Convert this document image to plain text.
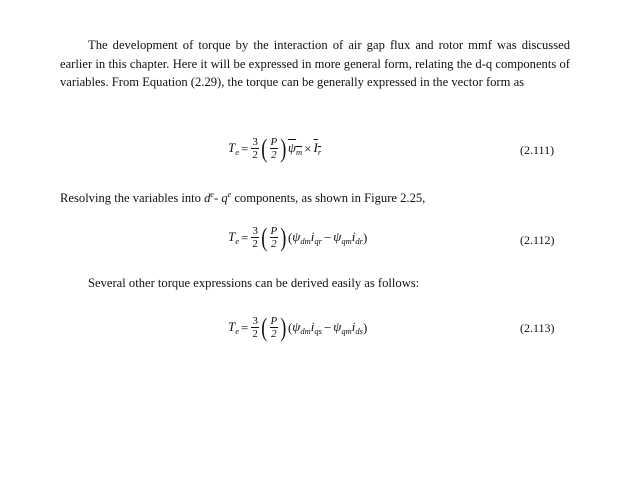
The development of torque by the interaction of air gap flux and rotor mmf was discussed earlier in this chapter. Here it will be expressed in more general form, relating the d-q components of variables. From Equation (2.29), the torque can be generally expressed in the vector form as

$T_e = \frac{3}{2}$ ( $\frac{P}{2}$ ) $\psi_m \times I_r$	(2.111)

Resolving the variables into $d^e-$ $q^e$ components, as shown in Figure 2.25,

$T_e = \frac{3}{2}$ ( $\frac{P}{2}$ ) ( $\psi_{dm}i_{qr} - \psi_{qm}i_{dr}$ )	(2.112)

Several other torque expressions can be derived easily as follows:

$T_e = \frac{3}{2}$ ( $\frac{P}{2}$ ) ( $\psi_{dm}i_{qs} - \psi_{qm}i_{ds}$ )	(2.113)
